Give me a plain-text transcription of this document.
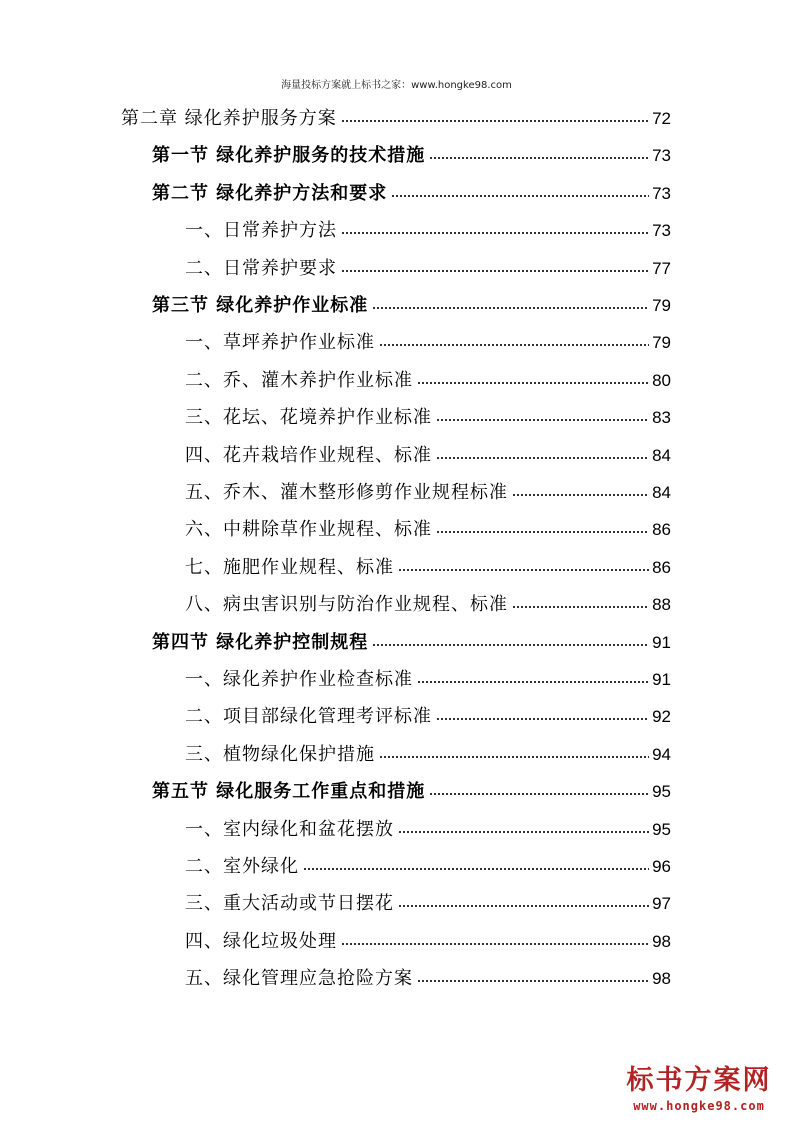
海量投标方案就上标书之家：www.hongke98.com
第二章 绿化养护服务方案	72
第一节 绿化养护服务的技术措施	73
第二节 绿化养护方法和要求	73
一、日常养护方法	73
二、日常养护要求	77
第三节 绿化养护作业标准	79
一、草坪养护作业标准	79
二、乔、灌木养护作业标准	80
三、花坛、花境养护作业标准	83
四、花卉栽培作业规程、标准	84
五、乔木、灌木整形修剪作业规程标准	84
六、中耕除草作业规程、标准	86
七、施肥作业规程、标准	86
八、病虫害识别与防治作业规程、标准	88
第四节 绿化养护控制规程	91
一、绿化养护作业检查标准	91
二、项目部绿化管理考评标准	92
三、植物绿化保护措施	94
第五节 绿化服务工作重点和措施	95
一、室内绿化和盆花摆放	95
二、室外绿化	96
三、重大活动或节日摆花	97
四、绿化垃圾处理	98
五、绿化管理应急抢险方案	98
标书方案网
www.hongke98.com
